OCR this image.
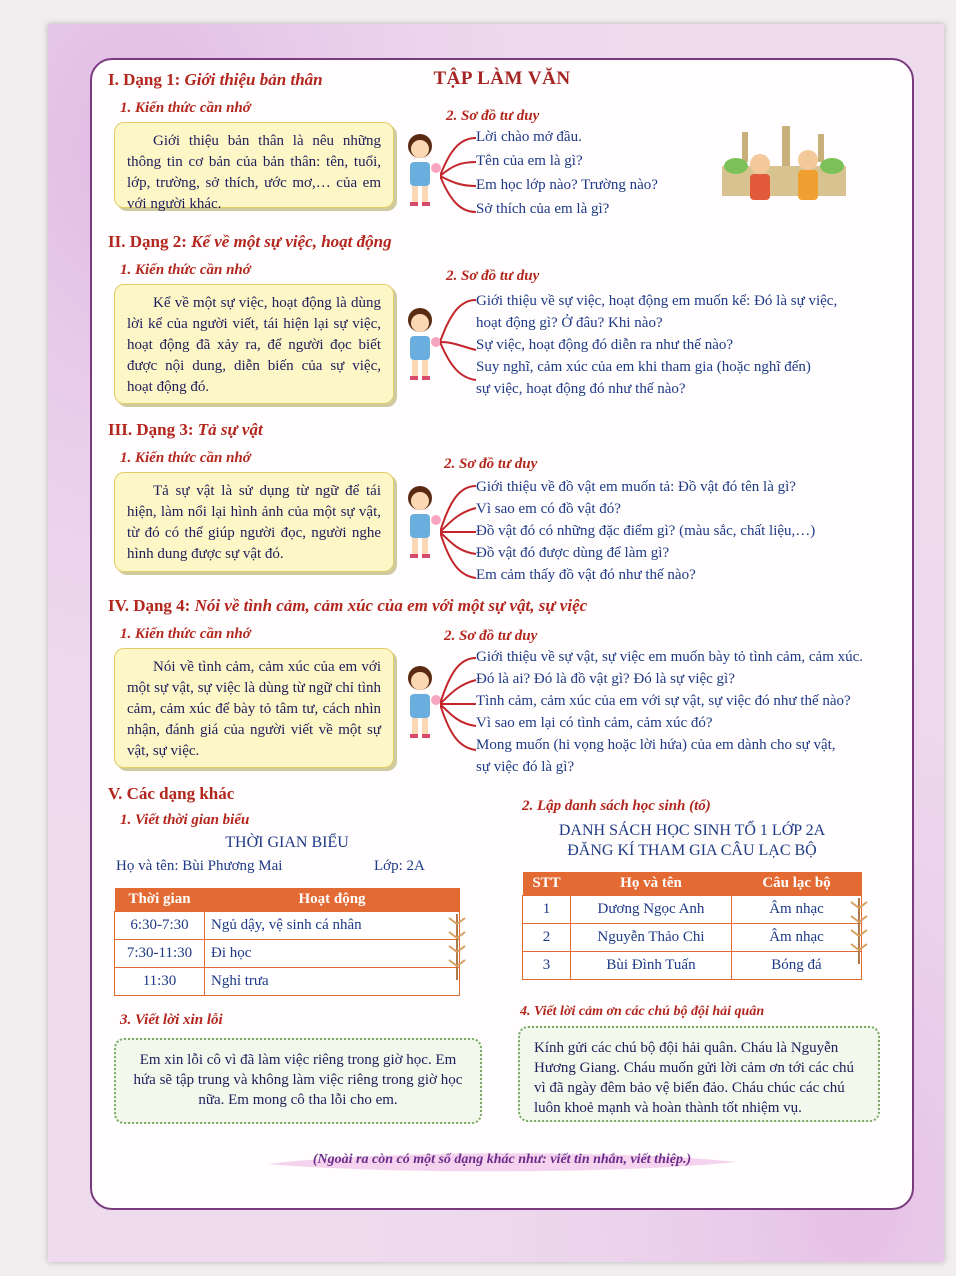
TẬP LÀM VĂN
I. Dạng 1: Giới thiệu bản thân
1. Kiến thức cần nhớ
Giới thiệu bản thân là nêu những thông tin cơ bản của bản thân: tên, tuổi, lớp, trường, sở thích, ước mơ,… của em với người khác.
2. Sơ đồ tư duy
Lời chào mở đầu.
Tên của em là gì?
Em học lớp nào? Trường nào?
Sở thích của em là gì?
II. Dạng 2: Kể về một sự việc, hoạt động
1. Kiến thức cần nhớ
Kể về một sự việc, hoạt động là dùng lời kể của người viết, tái hiện lại sự việc, hoạt động đã xảy ra, để người đọc biết được nội dung, diễn biến của sự việc, hoạt động đó.
2. Sơ đồ tư duy
Giới thiệu về sự việc, hoạt động em muốn kể: Đó là sự việc,
hoạt động gì? Ở đâu? Khi nào?
Sự việc, hoạt động đó diễn ra như thế nào?
Suy nghĩ, cảm xúc của em khi tham gia (hoặc nghĩ đến)
sự việc, hoạt động đó như thế nào?
III. Dạng 3: Tả sự vật
1. Kiến thức cần nhớ
Tả sự vật là sử dụng từ ngữ để tái hiện, làm nổi lại hình ảnh của một sự vật, từ đó có thể giúp người đọc, người nghe hình dung được sự vật đó.
2. Sơ đồ tư duy
Giới thiệu về đồ vật em muốn tả: Đồ vật đó tên là gì?
Vì sao em có đồ vật đó?
Đồ vật đó có những đặc điểm gì? (màu sắc, chất liệu,…)
Đồ vật đó được dùng để làm gì?
Em cảm thấy đồ vật đó như thế nào?
IV. Dạng 4: Nói về tình cảm, cảm xúc của em với một sự vật, sự việc
1. Kiến thức cần nhớ
Nói về tình cảm, cảm xúc của em với một sự vật, sự việc là dùng từ ngữ chỉ tình cảm, cảm xúc để bày tỏ tâm tư, cách nhìn nhận, đánh giá của người viết về một sự vật, sự việc.
2. Sơ đồ tư duy
Giới thiệu về sự vật, sự việc em muốn bày tỏ tình cảm, cảm xúc.
Đó là ai? Đó là đồ vật gì? Đó là sự việc gì?
Tình cảm, cảm xúc của em với sự vật, sự việc đó như thế nào?
Vì sao em lại có tình cảm, cảm xúc đó?
Mong muốn (hi vọng hoặc lời hứa) của em dành cho sự vật,
sự việc đó là gì?
V. Các dạng khác
1. Viết thời gian biểu
THỜI GIAN BIỂU
Họ và tên: Bùi Phương Mai	Lớp: 2A
Thời gian	Hoạt động
6:30-7:30	Ngủ dậy, vệ sinh cá nhân
7:30-11:30	Đi học
11:30	Nghỉ trưa
2. Lập danh sách học sinh (tổ)
DANH SÁCH HỌC SINH TỔ 1 LỚP 2A
ĐĂNG KÍ THAM GIA CÂU LẠC BỘ
STT	Họ và tên	Câu lạc bộ
1	Dương Ngọc Anh	Âm nhạc
2	Nguyễn Thảo Chi	Âm nhạc
3	Bùi Đình Tuấn	Bóng đá
3. Viết lời xin lỗi
Em xin lỗi cô vì đã làm việc riêng trong giờ học. Em hứa sẽ tập trung và không làm việc riêng trong giờ học nữa. Em mong cô tha lỗi cho em.
4. Viết lời cảm ơn các chú bộ đội hải quân
Kính gửi các chú bộ đội hải quân. Cháu là Nguyễn Hương Giang. Cháu muốn gửi lời cảm ơn tới các chú vì đã ngày đêm bảo vệ biển đảo. Cháu chúc các chú luôn khoẻ mạnh và hoàn thành tốt nhiệm vụ.
(Ngoài ra còn có một số dạng khác như: viết tin nhắn, viết thiệp.)
